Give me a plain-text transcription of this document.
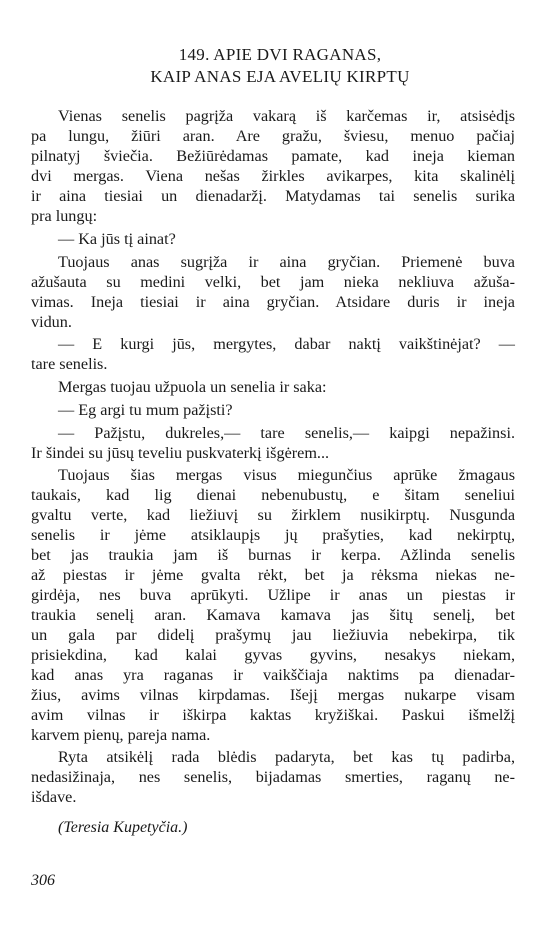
149. APIE DVI RAGANAS,
KAIP ANAS EJA AVELIŲ KIRPTŲ
Vienas senelis pagrįža vakarą iš karčemas ir, atsisėdįs
pa lungu, žiūri aran. Are gražu, šviesu, menuo pačiaj
pilnatyj šviečia. Bežiūrėdamas pamate, kad ineja kieman
dvi mergas. Viena nešas žirkles avikarpes, kita skalinėlį
ir aina tiesiai un dienadaržį. Matydamas tai senelis surika
pra lungų:
— Ka jūs tį ainat?
Tuojaus anas sugrįža ir aina gryčian. Priemenė buva
ažušauta su medini velki, bet jam nieka nekliuva ažuša-
vimas. Ineja tiesiai ir aina gryčian. Atsidare duris ir ineja
vidun.
— E kurgi jūs, mergytes, dabar naktį vaikštinėjat? —
tare senelis.
Mergas tuojau užpuola un senelia ir saka:
— Eg argi tu mum pažįsti?
— Pažįstu, dukreles,— tare senelis,— kaipgi nepažinsi.
Ir šindei su jūsų teveliu puskvaterkį išgėrem...
Tuojaus šias mergas visus miegunčius aprūke žmagaus
taukais, kad lig dienai nebenubustų, e šitam seneliui
gvaltu verte, kad liežiuvį su žirklem nusikirptų. Nusgunda
senelis ir jėme atsiklaupįs jų prašyties, kad nekirptų,
bet jas traukia jam iš burnas ir kerpa. Ažlinda senelis
až piestas ir jėme gvalta rėkt, bet ja rėksma niekas ne-
girdėja, nes buva aprūkyti. Užlipe ir anas un piestas ir
traukia senelį aran. Kamava kamava jas šitų senelį, bet
un gala par didelį prašymų jau liežiuvia nebekirpa, tik
prisiekdina, kad kalai gyvas gyvins, nesakys niekam,
kad anas yra raganas ir vaikščiaja naktims pa dienadar-
žius, avims vilnas kirpdamas. Išejį mergas nukarpe visam
avim vilnas ir iškirpa kaktas kryžiškai. Paskui išmelžį
karvem pienų, pareja nama.
Ryta atsikėlį rada blėdis padaryta, bet kas tų padirba,
nedasižinaja, nes senelis, bijadamas smerties, raganų ne-
išdave.
(Teresia Kupetyčia.)
306
